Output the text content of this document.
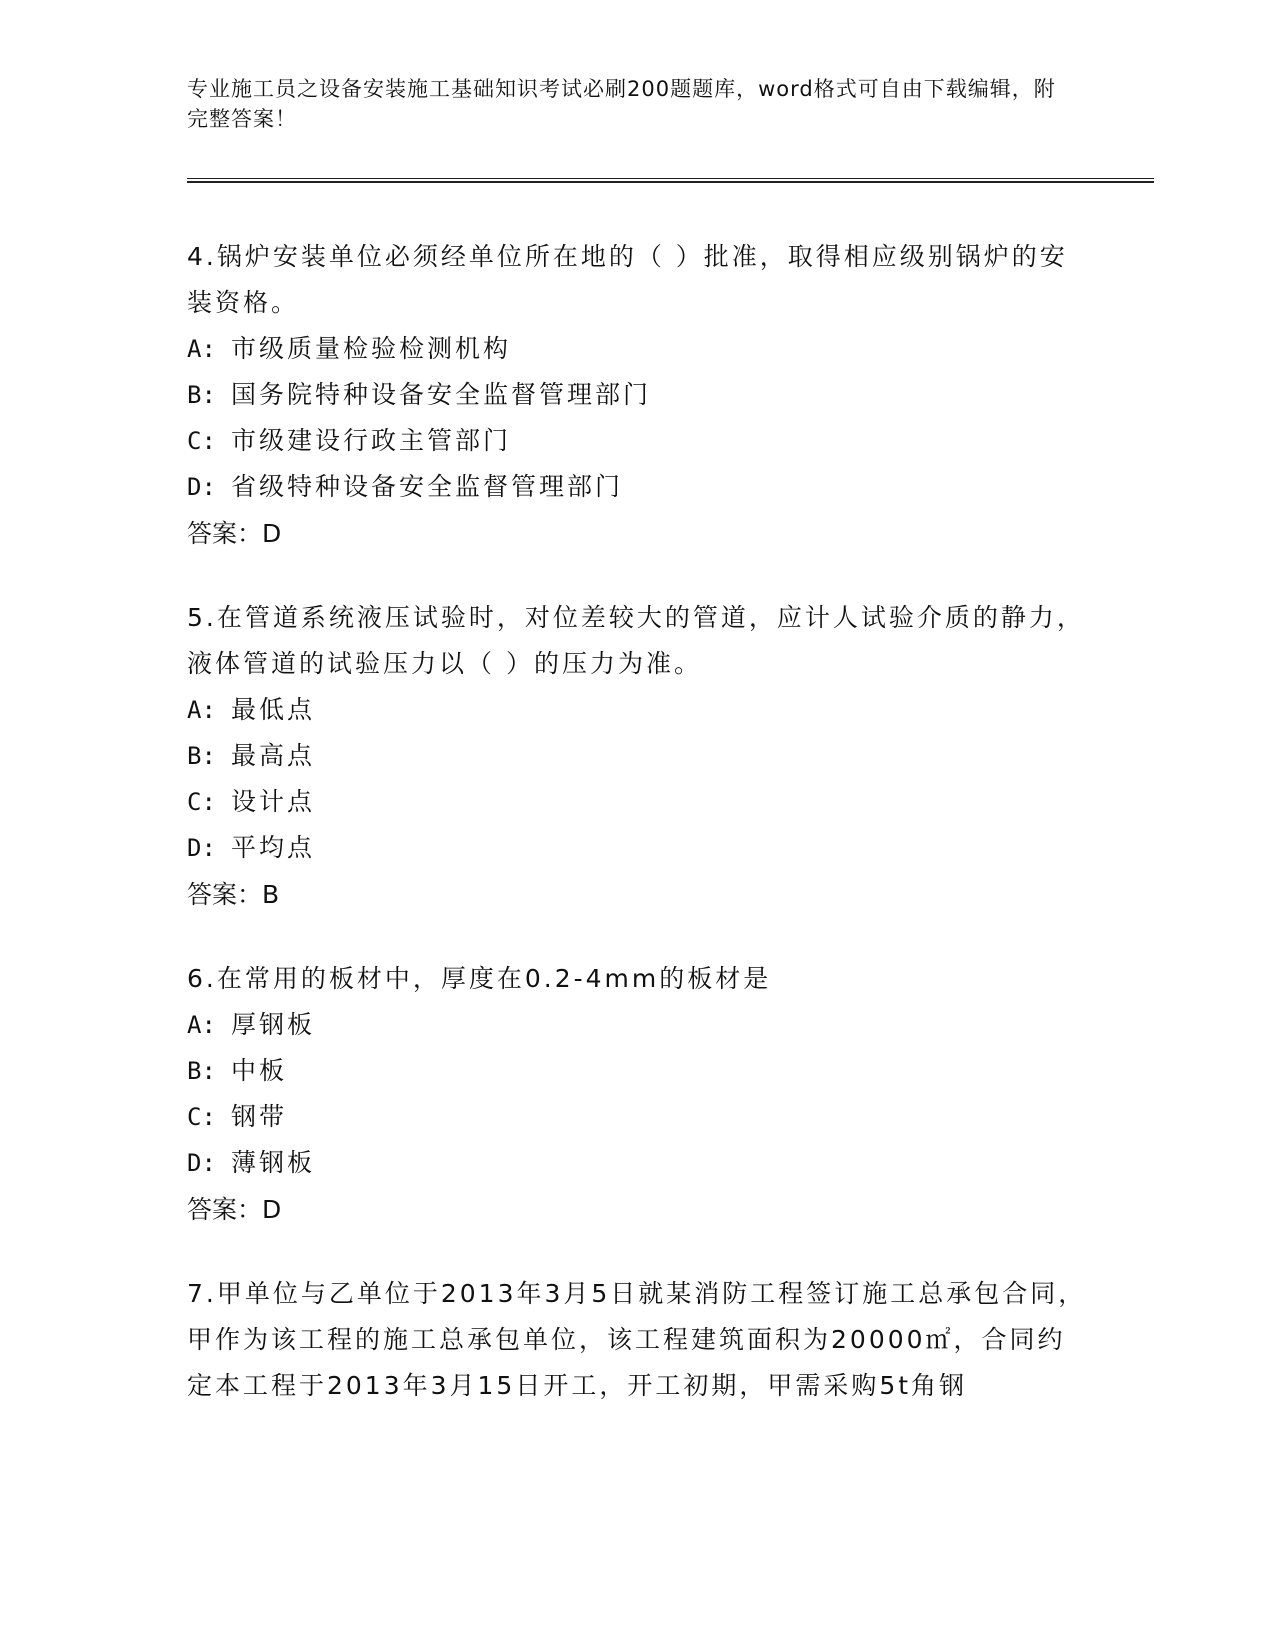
专业施工员之设备安装施工基础知识考试必刷200题题库，word格式可自由下载编辑，附完整答案！

4.锅炉安装单位必须经单位所在地的（ ）批准，取得相应级别锅炉的安装资格。

A: 市级质量检验检测机构

B: 国务院特种设备安全监督管理部门

C: 市级建设行政主管部门

D: 省级特种设备安全监督管理部门

答案：D

5.在管道系统液压试验时，对位差较大的管道，应计人试验介质的静力，液体管道的试验压力以（ ）的压力为准。

A: 最低点

B: 最高点

C: 设计点

D: 平均点

答案：B

6.在常用的板材中，厚度在0.2-4mm的板材是

A: 厚钢板

B: 中板

C: 钢带

D: 薄钢板

答案：D

7.甲单位与乙单位于2013年3月5日就某消防工程签订施工总承包合同，甲作为该工程的施工总承包单位，该工程建筑面积为20000㎡，合同约定本工程于2013年3月15日开工，开工初期，甲需采购5t角钢
